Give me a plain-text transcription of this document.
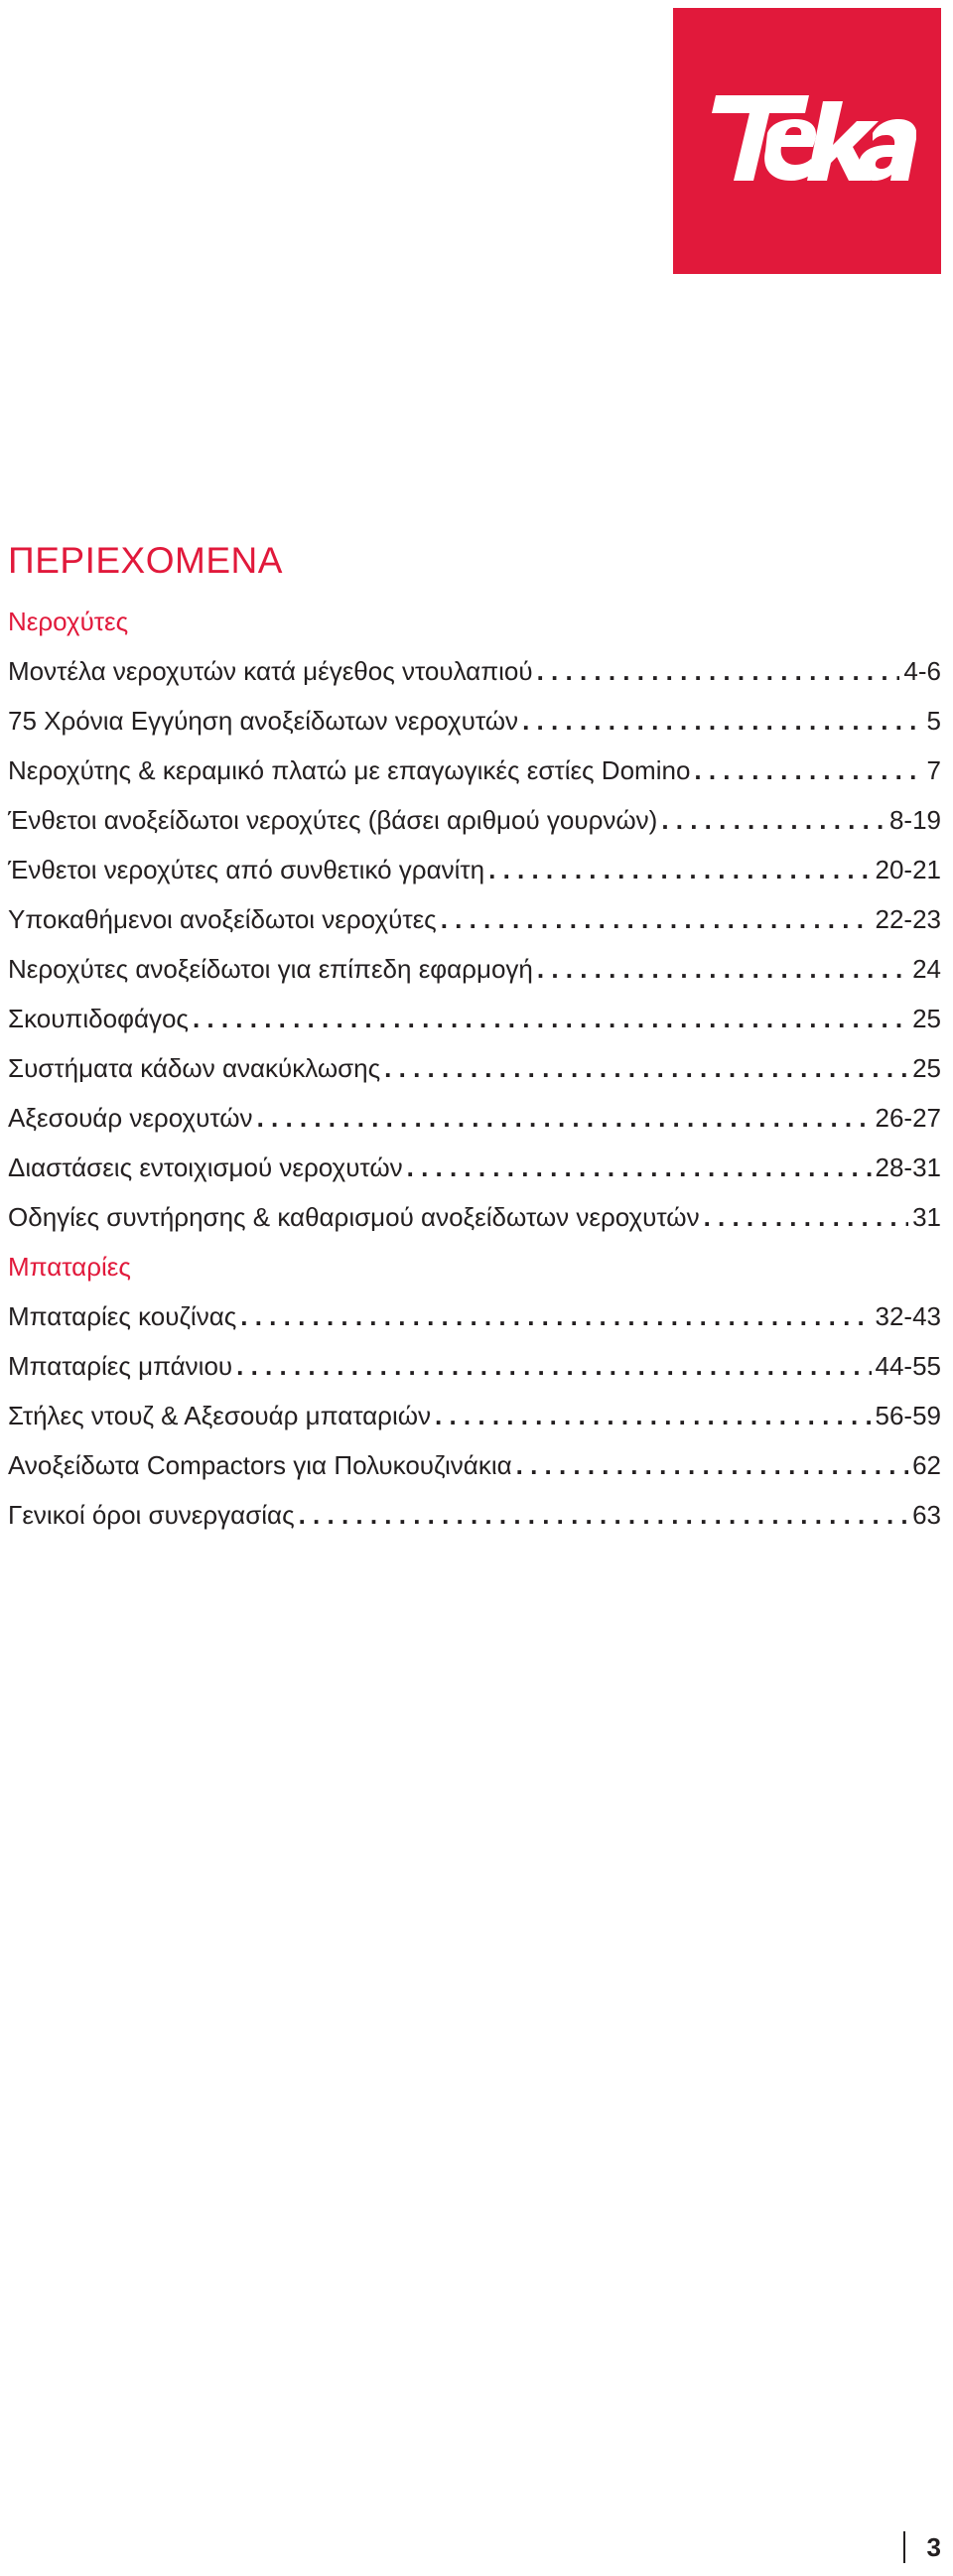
ΠΕΡΙΕΧΟΜΕΝΑ
Νεροχύτες
Μοντέλα νεροχυτών κατά μέγεθος ντουλαπιού . . .	4-6
75 Χρόνια Εγγύηση ανοξείδωτων νεροχυτών . . .	5
Νεροχύτης & κεραμικό πλατώ με επαγωγικές εστίες Domino . . .	7
Ένθετοι ανοξείδωτοι νεροχύτες (βάσει αριθμού γουρνών) . . .	8-19
Ένθετοι νεροχύτες από συνθετικό γρανίτη . . .	20-21
Υποκαθήμενοι ανοξείδωτοι νεροχύτες . . .	22-23
Νεροχύτες ανοξείδωτοι για επίπεδη εφαρμογή . . .	24
Σκουπιδοφάγος . . .	25
Συστήματα κάδων ανακύκλωσης . . .	25
Αξεσουάρ νεροχυτών . . .	26-27
Διαστάσεις εντοιχισμού νεροχυτών . . .	28-31
Οδηγίες συντήρησης & καθαρισμού ανοξείδωτων νεροχυτών . . .	31
Μπαταρίες
Μπαταρίες κουζίνας . . .	32-43
Μπαταρίες μπάνιου . . .	44-55
Στήλες ντουζ & Αξεσουάρ μπαταριών . . .	56-59
Ανοξείδωτα Compactors για Πολυκουζινάκια . . .	62
Γενικοί όροι συνεργασίας . . .	63
3
